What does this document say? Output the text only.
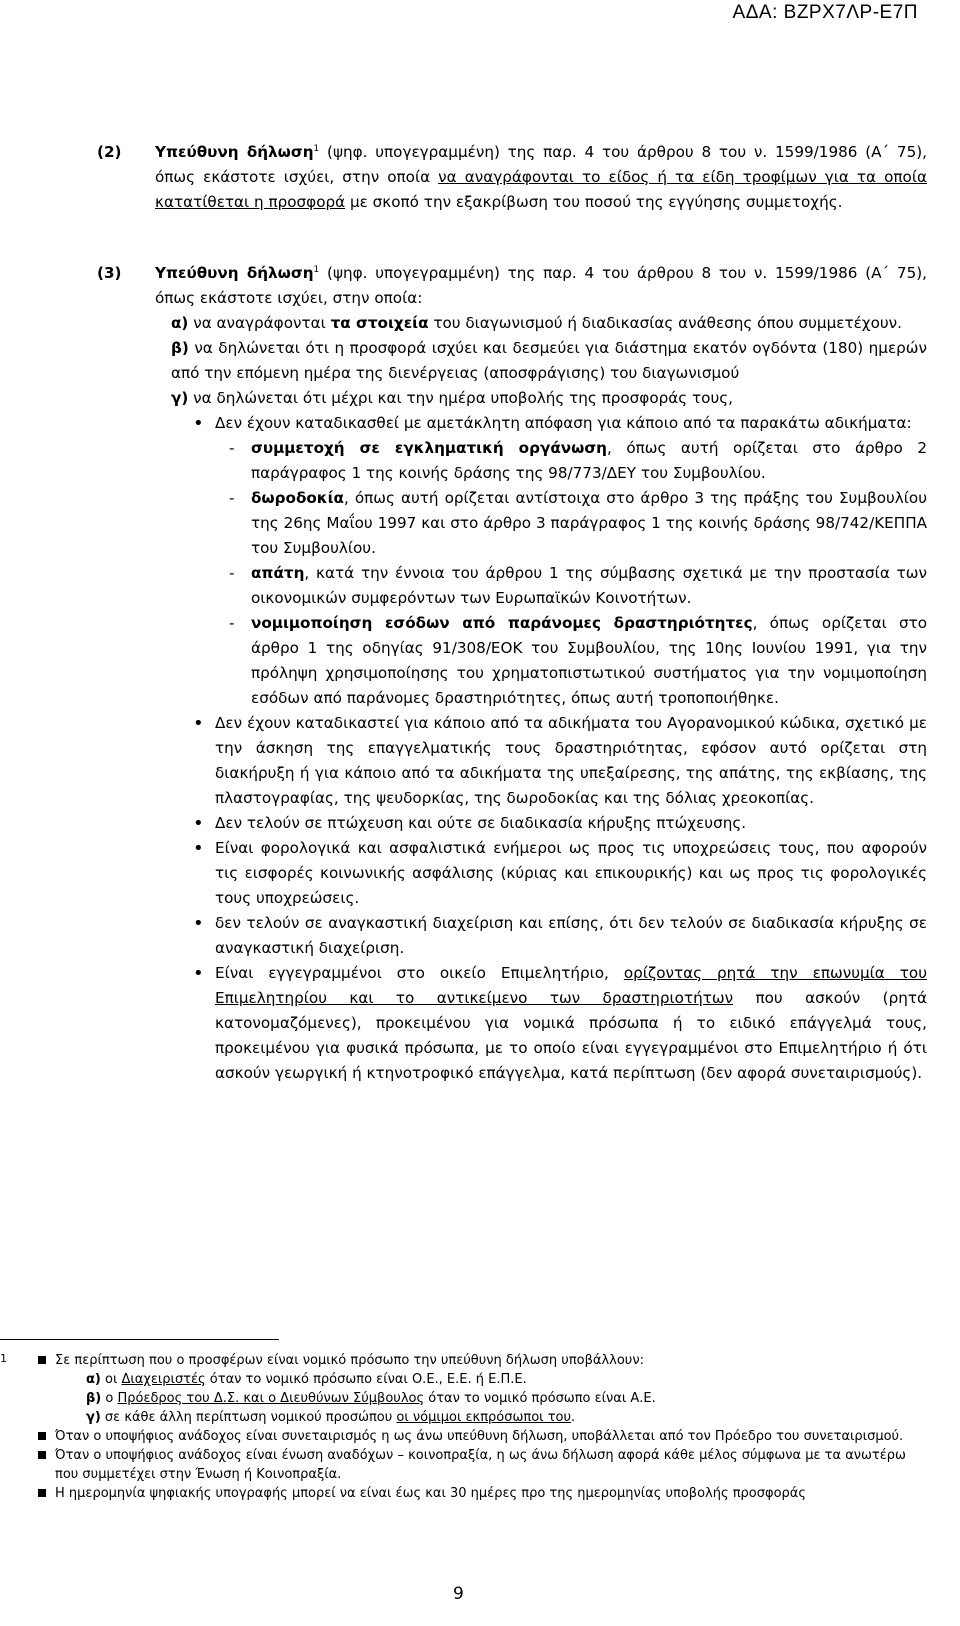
ΑΔΑ: ΒΖΡΧ7ΛΡ-Ε7Π
(2) Υπεύθυνη δήλωση$^1$ (ψηφ. υπογεγραμμένη) της παρ. 4 του άρθρου 8 του ν. 1599/1986 (Α΄ 75), όπως εκάστοτε ισχύει, στην οποία να αναγράφονται το είδος ή τα είδη τροφίμων για τα οποία κατατίθεται η προσφορά με σκοπό την εξακρίβωση του ποσού της εγγύησης συμμετοχής.
(3) Υπεύθυνη δήλωση$^1$ (ψηφ. υπογεγραμμένη) της παρ. 4 του άρθρου 8 του ν. 1599/1986 (Α΄ 75), όπως εκάστοτε ισχύει, στην οποία:
α) να αναγράφονται τα στοιχεία του διαγωνισμού ή διαδικασίας ανάθεσης όπου συμμετέχουν.
β) να δηλώνεται ότι η προσφορά ισχύει και δεσμεύει για διάστημα εκατόν ογδόντα (180) ημερών από την επόμενη ημέρα της διενέργειας (αποσφράγισης) του διαγωνισμού
γ) να δηλώνεται ότι μέχρι και την ημέρα υποβολής της προσφοράς τους,
• Δεν έχουν καταδικασθεί με αμετάκλητη απόφαση για κάποιο από τα παρακάτω αδικήματα:
- συμμετοχή σε εγκληματική οργάνωση, όπως αυτή ορίζεται στο άρθρο 2 παράγραφος 1 της κοινής δράσης της 98/773/ΔΕΥ του Συμβουλίου.
- δωροδοκία, όπως αυτή ορίζεται αντίστοιχα στο άρθρο 3 της πράξης του Συμβουλίου της 26ης Μαΐου 1997 και στο άρθρο 3 παράγραφος 1 της κοινής δράσης 98/742/ΚΕΠΠΑ του Συμβουλίου.
- απάτη, κατά την έννοια του άρθρου 1 της σύμβασης σχετικά με την προστασία των οικονομικών συμφερόντων των Ευρωπαϊκών Κοινοτήτων.
- νομιμοποίηση εσόδων από παράνομες δραστηριότητες, όπως ορίζεται στο άρθρο 1 της οδηγίας 91/308/ΕΟΚ του Συμβουλίου, της 10ης Ιουνίου 1991, για την πρόληψη χρησιμοποίησης του χρηματοπιστωτικού συστήματος για την νομιμοποίηση εσόδων από παράνομες δραστηριότητες, όπως αυτή τροποποιήθηκε.
• Δεν έχουν καταδικαστεί για κάποιο από τα αδικήματα του Αγορανομικού κώδικα, σχετικό με την άσκηση της επαγγελματικής τους δραστηριότητας, εφόσον αυτό ορίζεται στη διακήρυξη ή για κάποιο από τα αδικήματα της υπεξαίρεσης, της απάτης, της εκβίασης, της πλαστογραφίας, της ψευδορκίας, της δωροδοκίας και της δόλιας χρεοκοπίας.
• Δεν τελούν σε πτώχευση και ούτε σε διαδικασία κήρυξης πτώχευσης.
• Είναι φορολογικά και ασφαλιστικά ενήμεροι ως προς τις υποχρεώσεις τους, που αφορούν τις εισφορές κοινωνικής ασφάλισης (κύριας και επικουρικής) και ως προς τις φορολογικές τους υποχρεώσεις.
• δεν τελούν σε αναγκαστική διαχείριση και επίσης, ότι δεν τελούν σε διαδικασία κήρυξης σε αναγκαστική διαχείριση.
• Είναι εγγεγραμμένοι στο οικείο Επιμελητήριο, ορίζοντας ρητά την επωνυμία του Επιμελητηρίου και το αντικείμενο των δραστηριοτήτων που ασκούν (ρητά κατονομαζόμενες), προκειμένου για νομικά πρόσωπα ή το ειδικό επάγγελμά τους, προκειμένου για φυσικά πρόσωπα, με το οποίο είναι εγγεγραμμένοι στο Επιμελητήριο ή ότι ασκούν γεωργική ή κτηνοτροφικό επάγγελμα, κατά περίπτωση (δεν αφορά συνεταιρισμούς).
1	Σε περίπτωση που ο προσφέρων είναι νομικό πρόσωπο την υπεύθυνη δήλωση υποβάλλουν:
α) οι Διαχειριστές όταν το νομικό πρόσωπο είναι Ο.Ε., Ε.Ε. ή Ε.Π.Ε.
β) ο Πρόεδρος του Δ.Σ. και ο Διευθύνων Σύμβουλος όταν το νομικό πρόσωπο είναι Α.Ε.
γ) σε κάθε άλλη περίπτωση νομικού προσώπου οι νόμιμοι εκπρόσωποι του.
Όταν ο υποψήφιος ανάδοχος είναι συνεταιρισμός η ως άνω υπεύθυνη δήλωση, υποβάλλεται από τον Πρόεδρο του συνεταιρισμού.
Όταν ο υποψήφιος ανάδοχος είναι ένωση αναδόχων – κοινοπραξία, η ως άνω δήλωση αφορά κάθε μέλος σύμφωνα με τα ανωτέρω που συμμετέχει στην Ένωση ή Κοινοπραξία.
Η ημερομηνία ψηφιακής υπογραφής μπορεί να είναι έως και 30 ημέρες προ της ημερομηνίας υποβολής προσφοράς
9
